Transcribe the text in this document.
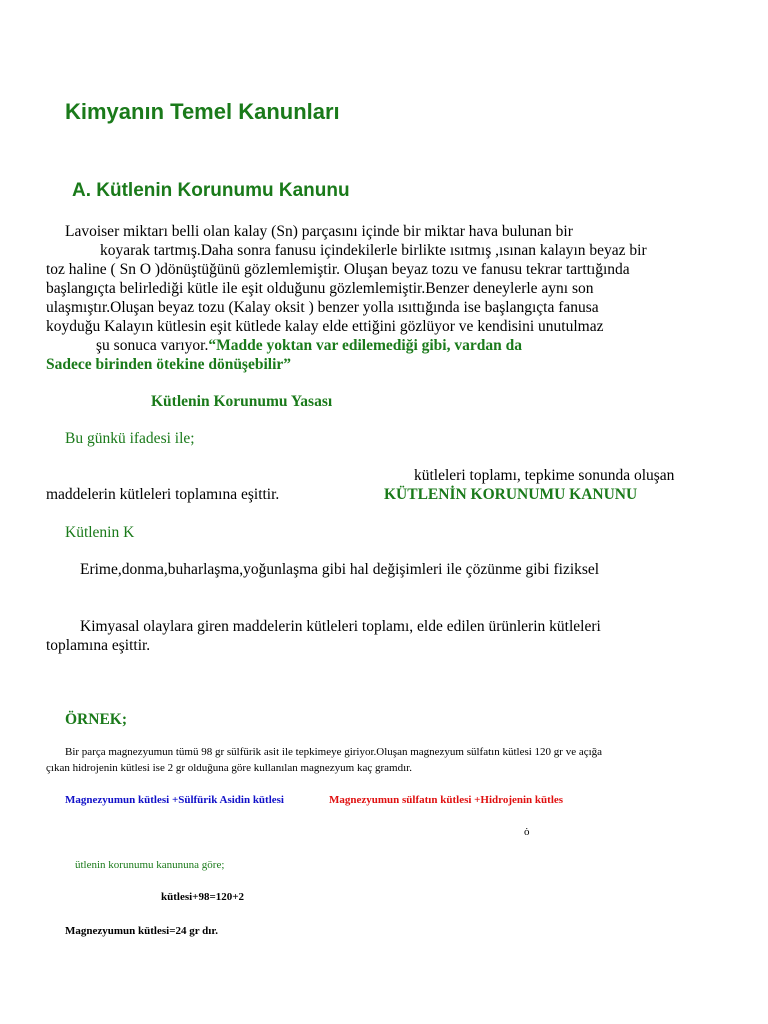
Kimyanın Temel Kanunları
A. Kütlenin Korunumu Kanunu
Lavoiser miktarı belli olan kalay (Sn) parçasını içinde bir miktar hava bulunan bir
koyarak tartmış.Daha sonra fanusu içindekilerle birlikte ısıtmış ,ısınan kalayın beyaz bir
toz haline ( Sn O )dönüştüğünü gözlemlemiştir. Oluşan beyaz tozu ve fanusu tekrar tarttığında
başlangıçta belirlediği kütle ile eşit olduğunu gözlemlemiştir.Benzer deneylerle aynı son
ulaşmıştır.Oluşan beyaz tozu (Kalay oksit ) benzer yolla ısıttığında ise başlangıçta fanusa
koyduğu Kalayın kütlesin eşit kütlede kalay elde ettiğini gözlüyor ve kendisini unutulmaz
şu sonuca varıyor.“Madde yoktan var edilemediği gibi, vardan da
Sadece birinden ötekine dönüşebilir”
Kütlenin Korunumu Yasası
Bu günkü ifadesi ile;
kütleleri toplamı, tepkime sonunda oluşan
maddelerin kütleleri toplamına eşittir.	KÜTLENİN KORUNUMU KANUNU
Kütlenin K
Erime,donma,buharlaşma,yoğunlaşma gibi hal değişimleri ile çözünme gibi fiziksel
Kimyasal olaylara giren maddelerin kütleleri toplamı, elde edilen ürünlerin kütleleri
toplamına eşittir.
ÖRNEK;
Bir parça magnezyumun tümü 98 gr sülfürik asit ile tepkimeye giriyor.Oluşan magnezyum sülfatın kütlesi 120 gr ve açığa
çıkan hidrojenin kütlesi ise 2 gr olduğuna göre kullanılan magnezyum kaç gramdır.
Magnezyumun kütlesi +Sülfürik Asidin kütlesi	Magnezyumun sülfatın kütlesi +Hidrojenin kütles
ȯ
ütlenin korunumu kanununa göre;
kütlesi+98=120+2
Magnezyumun kütlesi=24 gr dır.
